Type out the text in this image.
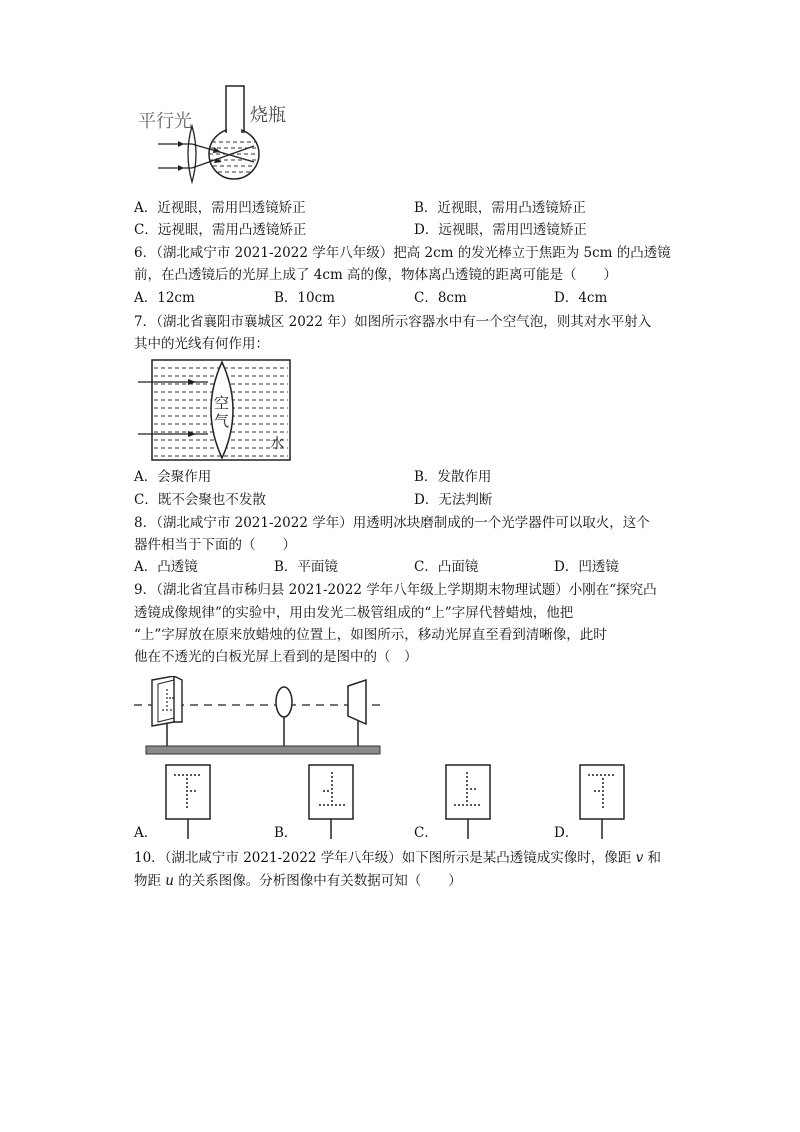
平行光	烧瓶
A．近视眼，需用凹透镜矫正	B．近视眼，需用凸透镜矫正
C．远视眼，需用凸透镜矫正	D．远视眼，需用凹透镜矫正
6．（湖北咸宁市 2021-2022 学年八年级）把高 2cm 的发光棒立于焦距为 5cm 的凸透镜
前，在凸透镜后的光屏上成了 4cm 高的像，物体离凸透镜的距离可能是（　　）
A．12cm	B．10cm	C．8cm	D．4cm
7．（湖北省襄阳市襄城区 2022 年）如图所示容器水中有一个空气泡，则其对水平射入
其中的光线有何作用：
空
气
水
A．会聚作用	B．发散作用
C．既不会聚也不发散	D．无法判断
8．（湖北咸宁市 2021-2022 学年）用透明冰块磨制成的一个光学器件可以取火，这个
器件相当于下面的（　　）
A．凸透镜	B．平面镜	C．凸面镜	D．凹透镜
9．（湖北省宜昌市秭归县 2021-2022 学年八年级上学期期末物理试题）小刚在“探究凸
透镜成像规律”的实验中，用由发光二极管组成的“上”字屏代替蜡烛，他把
“上”字屏放在原来放蜡烛的位置上，如图所示，移动光屏直至看到清晰像，此时
他在不透光的白板光屏上看到的是图中的（　）
A．	B．	C．	D．
10．（湖北咸宁市 2021-2022 学年八年级）如下图所示是某凸透镜成实像时，像距 v 和
物距 u 的关系图像。分析图像中有关数据可知（　　）
